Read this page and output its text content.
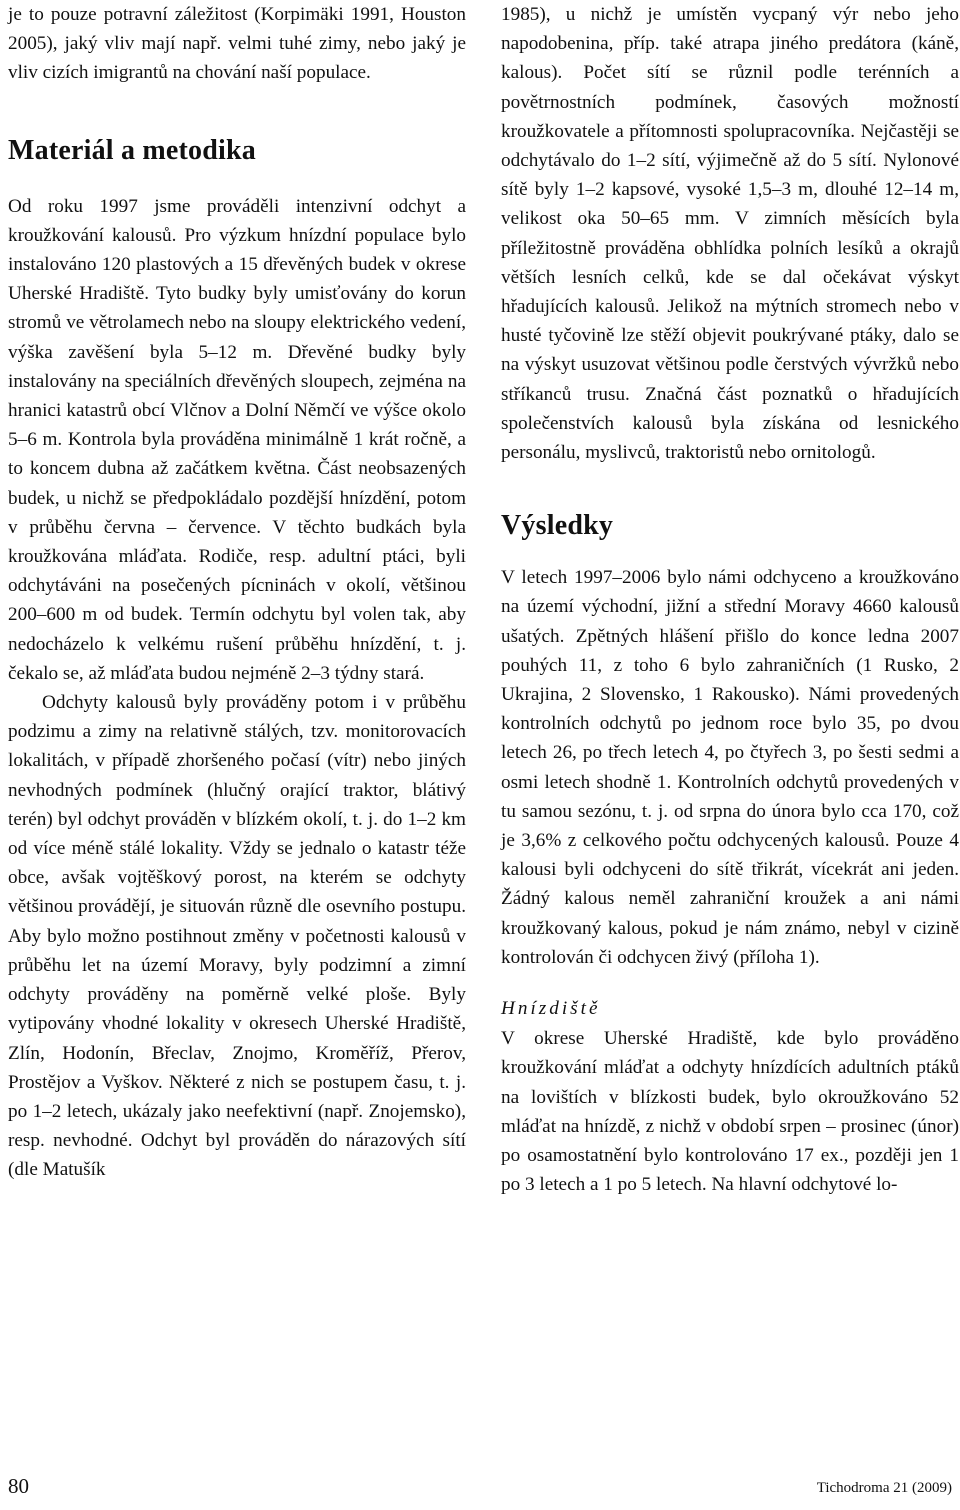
je to pouze potravní záležitost (Korpimäki 1991, Houston 2005), jaký vliv mají např. velmi tuhé zimy, nebo jaký je vliv cizích imigrantů na chování naší populace.

Materiál a metodika

Od roku 1997 jsme prováděli intenzivní odchyt a kroužkování kalousů. Pro výzkum hnízdní populace bylo instalováno 120 plastových a 15 dřevěných budek v okrese Uherské Hradiště. Tyto budky byly umisťovány do korun stromů ve větrolamech nebo na sloupy elektrického vedení, výška zavěšení byla 5–12 m. Dřevěné budky byly instalovány na speciálních dřevěných sloupech, zejména na hranici katastrů obcí Vlčnov a Dolní Němčí ve výšce okolo 5–6 m. Kontrola byla prováděna minimálně 1 krát ročně, a to koncem dubna až začátkem května. Část neobsazených budek, u nichž se předpokládalo pozdější hnízdění, potom v průběhu června – července. V těchto budkách byla kroužkována mláďata. Rodiče, resp. adultní ptáci, byli odchytáváni na posečených pícninách v okolí, většinou 200–600 m od budek. Termín odchytu byl volen tak, aby nedocházelo k velkému rušení průběhu hnízdění, t. j. čekalo se, až mláďata budou nejméně 2–3 týdny stará.

Odchyty kalousů byly prováděny potom i v průběhu podzimu a zimy na relativně stálých, tzv. monitorovacích lokalitách, v případě zhoršeného počasí (vítr) nebo jiných nevhodných podmínek (hlučný orající traktor, blátivý terén) byl odchyt prováděn v blízkém okolí, t. j. do 1–2 km od více méně stálé lokality. Vždy se jednalo o katastr téže obce, avšak vojtěškový porost, na kterém se odchyty většinou provádějí, je situován různě dle osevního postupu. Aby bylo možno postihnout změny v početnosti kalousů v průběhu let na území Moravy, byly podzimní a zimní odchyty prováděny na poměrně velké ploše. Byly vytipovány vhodné lokality v okresech Uherské Hradiště, Zlín, Hodonín, Břeclav, Znojmo, Kroměříž, Přerov, Prostějov a Vyškov. Některé z nich se postupem času, t. j. po 1–2 letech, ukázaly jako neefektivní (např. Znojemsko), resp. nevhodné. Odchyt byl prováděn do nárazových sítí (dle Matušík

1985), u nichž je umístěn vycpaný výr nebo jeho napodobenina, příp. také atrapa jiného predátora (káně, kalous). Počet sítí se různil podle terénních a povětrnostních podmínek, časových možností kroužkovatele a přítomnosti spolupracovníka. Nejčastěji se odchytávalo do 1–2 sítí, výjimečně až do 5 sítí. Nylonové sítě byly 1–2 kapsové, vysoké 1,5–3 m, dlouhé 12–14 m, velikost oka 50–65 mm. V zimních měsících byla příležitostně prováděna obhlídka polních lesíků a okrajů větších lesních celků, kde se dal očekávat výskyt hřadujících kalousů. Jelikož na mýtních stromech nebo v husté tyčovině lze stěží objevit poukrývané ptáky, dalo se na výskyt usuzovat většinou podle čerstvých vývržků nebo stříkanců trusu. Značná část poznatků o hřadujících společenstvích kalousů byla získána od lesnického personálu, myslivců, traktoristů nebo ornitologů.

Výsledky

V letech 1997–2006 bylo námi odchyceno a kroužkováno na území východní, jižní a střední Moravy 4660 kalousů ušatých. Zpětných hlášení přišlo do konce ledna 2007 pouhých 11, z toho 6 bylo zahraničních (1 Rusko, 2 Ukrajina, 2 Slovensko, 1 Rakousko). Námi provedených kontrolních odchytů po jednom roce bylo 35, po dvou letech 26, po třech letech 4, po čtyřech 3, po šesti sedmi a osmi letech shodně 1. Kontrolních odchytů provedených v tu samou sezónu, t. j. od srpna do února bylo cca 170, což je 3,6% z celkového počtu odchycených kalousů. Pouze 4 kalousi byli odchyceni do sítě třikrát, vícekrát ani jeden. Žádný kalous neměl zahraniční kroužek a ani námi kroužkovaný kalous, pokud je nám známo, nebyl v cizině kontrolován či odchycen živý (příloha 1).

Hnízdiště

V okrese Uherské Hradiště, kde bylo prováděno kroužkování mláďat a odchyty hnízdících adultních ptáků na lovištích v blízkosti budek, bylo okroužkováno 52 mláďat na hnízdě, z nichž v období srpen – prosinec (únor) po osamostatnění bylo kontrolováno 17 ex., později jen 1 po 3 letech a 1 po 5 letech. Na hlavní odchytové lo-

80	Tichodroma 21 (2009)
